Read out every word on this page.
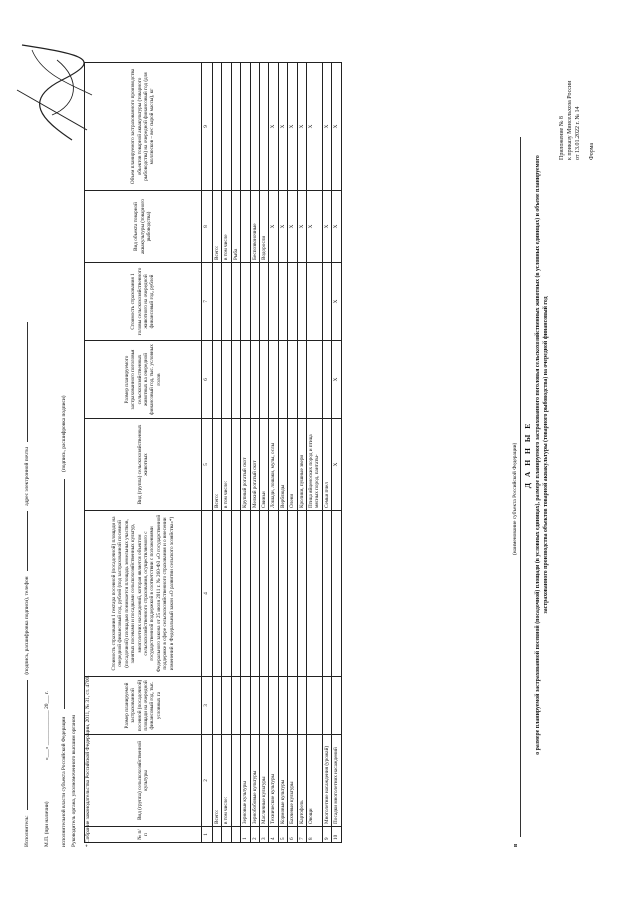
Приложение № 8 к приказу Минсельхоза России от 13.01.2022 г. № 14 Форма
Д А Н Н Ы Е о размере планируемой застрахованной посевной (посадочной) площади (в условных единицах), размере планируемого застрахованного поголовья сельскохозяйственных животных (в условных единицах) и объеме планируемого застрахованного производства объектов товарной аквакультуры (товарного рыбоводства) на очередной финансовый год
в
(наименование субъекта Российской Федерации)
№ п/п	Вид (группа) сельскохозяйственной культуры	Размер планируемой застрахованной посевной (посадочной) площади на очередной финансовый год, тыс. условных га	Стоимость страхования 1 гектара посевной (посадочной) площади на очередной финансовый год, рублей (под застрахованной посевной (посадочной) площадью понимается площадь земельных участков, занятых посевами и посадками сельскохозяйственных культур, многолетних насаждений, которая является объектом сельскохозяйственного страхования, осуществляемого с государственной поддержкой в соответствии с положениями Федерального закона от 25 июля 2011 г. № 260-ФЗ «О государственной поддержке в сфере сельскохозяйственного страхования и о внесении изменений в Федеральный закон «О развитии сельского хозяйства»*)	Вид (группа) сельскохозяйственных животных	Размер планируемого застрахованного поголовья сельскохозяйственных животных на очередной финансовый год, тыс. условных голов	Стоимость страхования 1 головы сельскохозяйственного животного на очередной финансовый год, рублей	Вид объекта товарной аквакультуры (товарного рыбоводства)	Объем планируемого застрахованного производства объектов товарной аквакультуры (товарного рыбоводства) на очередной финансовый год (для моллюсков – вес сырой массы), кг
1	2	3	4	5	6	7	8	9
	Всего:			Всего:			Всего:	
	в том числе:			в том числе:			в том числе	
							Рыба	
1	Зерновые культуры			Крупный рогатый скот				
2	Зернобобовые культуры			Мелкий рогатый скот			Беспозвоночные	
3	Масличные культуры			Свиньи			Водоросли	
4	Технические культуры			Лошади, лошаки, мулы, ослы			X	X
5	Кормовые культуры			Верблюды			X	X
6	Бахчевые культуры			Олени			X	X
7	Картофель			Кролики, пушные звери			X	X
8	Овощи			Птица яйценоских пород и птица мясных пород, пантаты-			X	X
9	Многолетние насаждения (урожай)			Семьи пчел			X	X
10	Посадки многолетних насаждений			X	X	X	X	X
* Собрание законодательства Российской Федерации, 2011, № 31, ст. 4700.
Руководитель органа, уполномоченного высшим органом
исполнительной власти субъекта Российской Федерации  (подпись, расшифровка подписи)
М.П. (при наличии) «___» _____________ 20___ г.
Исполнитель:  (подпись, расшифровка подписи), телефон  адрес электронной почты
